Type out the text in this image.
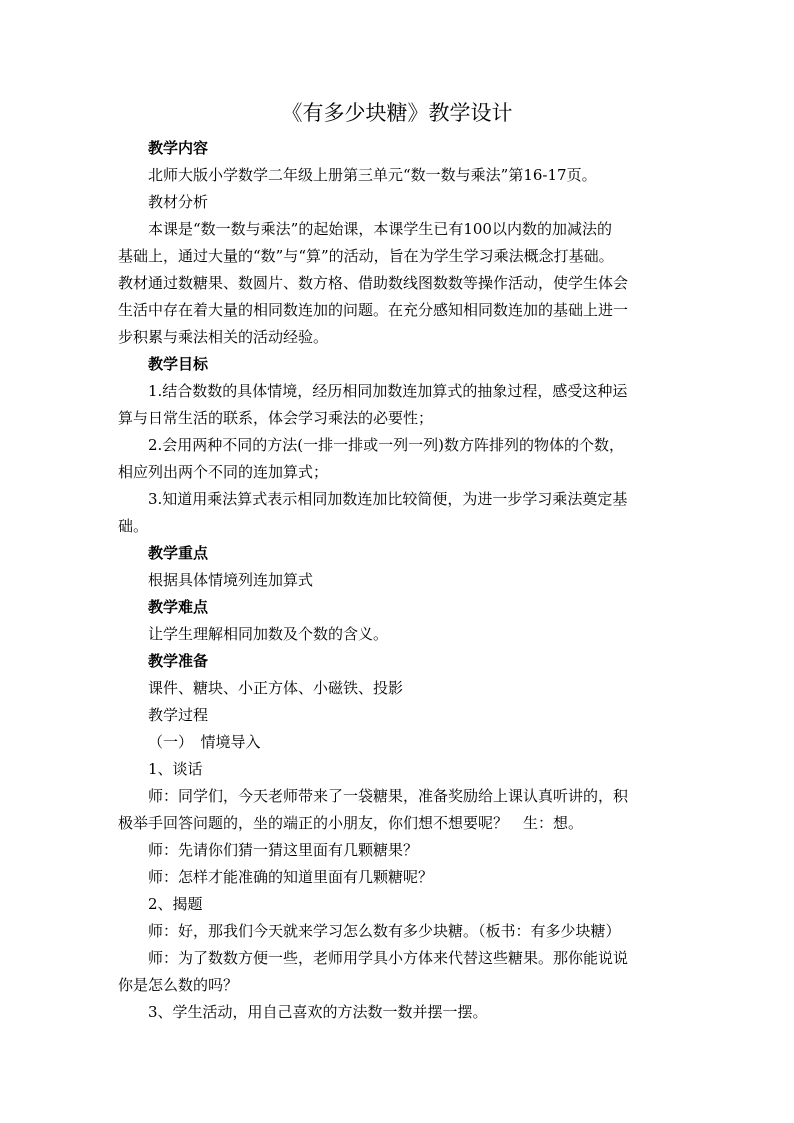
《有多少块糖》教学设计
教学内容
北师大版小学数学二年级上册第三单元“数一数与乘法”第16-17页。
教材分析
本课是“数一数与乘法”的起始课，本课学生已有100以内数的加减法的
基础上，通过大量的“数”与“算”的活动，旨在为学生学习乘法概念打基础。
教材通过数糖果、数圆片、数方格、借助数线图数数等操作活动，使学生体会
生活中存在着大量的相同数连加的问题。在充分感知相同数连加的基础上进一
步积累与乘法相关的活动经验。
教学目标
1.结合数数的具体情境，经历相同加数连加算式的抽象过程，感受这种运
算与日常生活的联系，体会学习乘法的必要性；
2.会用两种不同的方法(一排一排或一列一列)数方阵排列的物体的个数，
相应列出两个不同的连加算式；
3.知道用乘法算式表示相同加数连加比较简便，为进一步学习乘法奠定基
础。
教学重点
根据具体情境列连加算式
教学难点
让学生理解相同加数及个数的含义。
教学准备
课件、糖块、小正方体、小磁铁、投影
教学过程
（一）　情境导入
1、谈话
师：同学们，今天老师带来了一袋糖果，准备奖励给上课认真听讲的，积
极举手回答问题的，坐的端正的小朋友，你们想不想要呢？　生：想。
师：先请你们猜一猜这里面有几颗糖果？
师：怎样才能准确的知道里面有几颗糖呢？
2、揭题
师：好，那我们今天就来学习怎么数有多少块糖。（板书：有多少块糖）
师：为了数数方便一些，老师用学具小方体来代替这些糖果。那你能说说
你是怎么数的吗？
3、学生活动，用自己喜欢的方法数一数并摆一摆。
